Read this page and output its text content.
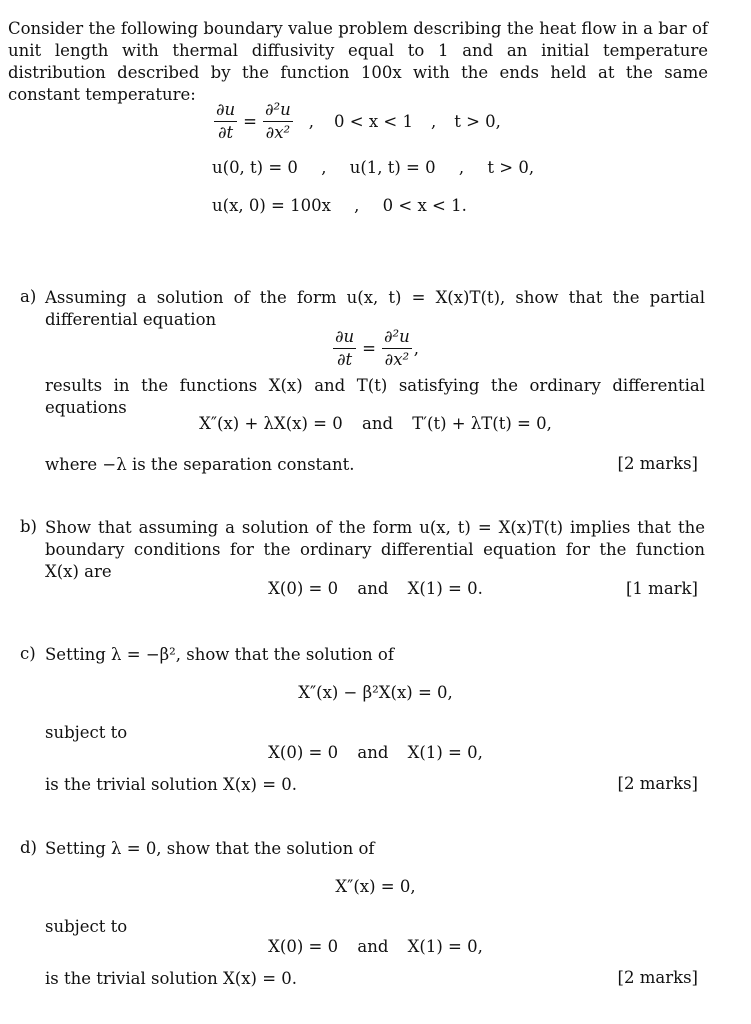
Consider the following boundary value problem describing the heat flow in a bar of unit length with thermal diffusivity equal to 1 and an initial temperature distribution described by the function 100x with the ends held at the same constant temperature:
$\frac{\partial u}{\partial t} = \frac{\text{∂²u}}{\text{∂x²}}$ , 0 < x < 1 , t > 0,
u(0, t) = 0 , u(1, t) = 0 , t > 0,
u(x, 0) = 100x , 0 < x < 1.
a) Assuming a solution of the form u(x, t) = X(x)T(t), show that the partial differential equation
$\frac{\partial u}{\partial t} = \frac{\text{∂²u}}{\text{∂x²}}$ ,
results in the functions X(x) and T(t) satisfying the ordinary differential equations
X″(x) + λX(x) = 0 and T′(t) + λT(t) = 0,
where −λ is the separation constant.	[2 marks]
b) Show that assuming a solution of the form u(x, t) = X(x)T(t) implies that the boundary conditions for the ordinary differential equation for the function X(x) are
X(0) = 0 and X(1) = 0.	[1 mark]
c) Setting λ = −β², show that the solution of
X″(x) − β²X(x) = 0,
subject to
X(0) = 0 and X(1) = 0,
is the trivial solution X(x) = 0.	[2 marks]
d) Setting λ = 0, show that the solution of
X″(x) = 0,
subject to
X(0) = 0 and X(1) = 0,
is the trivial solution X(x) = 0.	[2 marks]
